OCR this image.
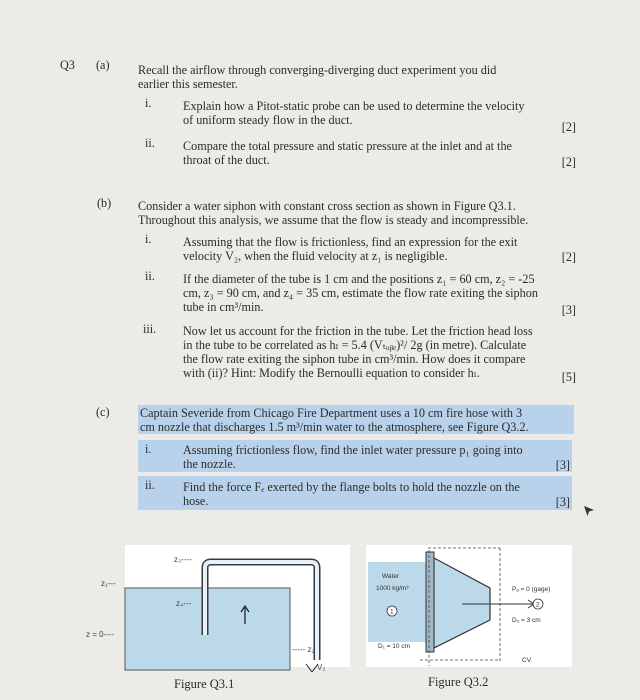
Q3 (a) Recall the airflow through converging-diverging duct experiment you did
earlier this semester.
i.	Explain how a Pitot-static probe can be used to determine the velocity
of uniform steady flow in the duct.	[2]
ii. Compare the total pressure and static pressure at the inlet and at the
throat of the duct.	[2]
(b) Consider a water siphon with constant cross section as shown in Figure Q3.1.
Throughout this analysis, we assume that the flow is steady and incompressible.
i.	Assuming that the flow is frictionless, find an expression for the exit
velocity V₂, when the fluid velocity at z₁ is negligible.	[2]
ii. If the diameter of the tube is 1 cm and the positions z₁ = 60 cm, z₂ = -25
cm, z₃ = 90 cm, and z₄ = 35 cm, estimate the flow rate exiting the siphon
tube in cm³/min.	[3]
iii. Now let us account for the friction in the tube. Let the friction head loss
in the tube to be correlated as hₗ = 5.4 (Vₜᵤᵦₑ)²/ 2g (in metre). Calculate
the flow rate exiting the siphon tube in cm³/min. How does it compare
with (ii)? Hint: Modify the Bernoulli equation to consider hₗ.	[5]
(c) Captain Severide from Chicago Fire Department uses a 10 cm fire hose with 3
cm nozzle that discharges 1.5 m³/min water to the atmosphere, see Figure Q3.2.
i.	Assuming frictionless flow, find the inlet water pressure p₁ going into
the nozzle.	[3]
ii. Find the force Fₑ exerted by the flange bolts to hold the nozzle on the
hose.	[3]
z₃----
z₁---
z₄---
z = 0----
----- z₂
V₂
Figure Q3.1
Water
1000 kg/m³
1
2
Pₐ = 0 (gage)
D₂ = 3 cm
D₁ = 10 cm
CV
Figure Q3.2
